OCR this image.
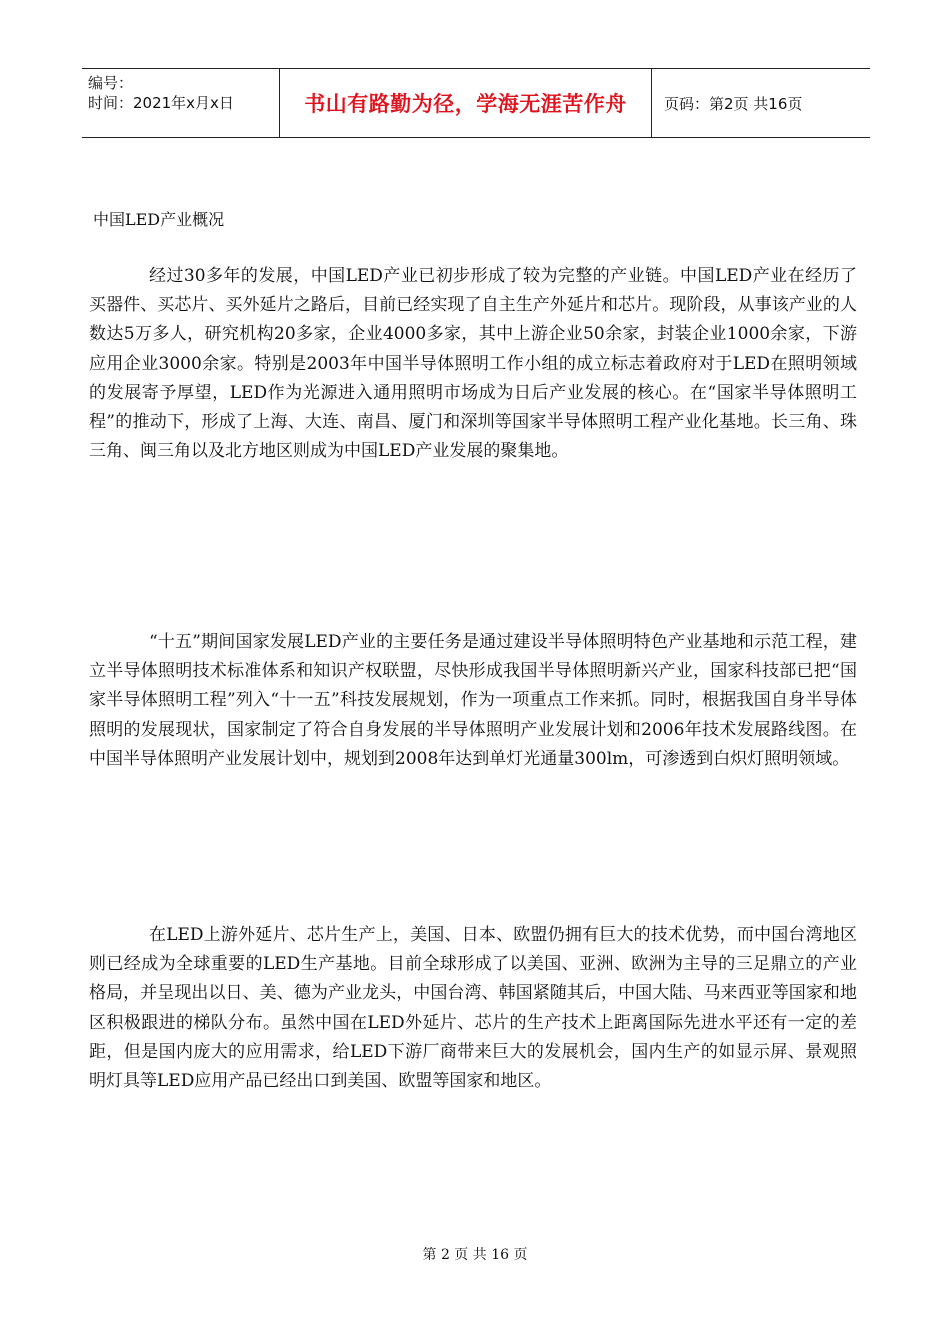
编号：
时间：2021年x月x日	书山有路勤为径，学海无涯苦作舟	页码：第2页 共16页
中国LED产业概况

经过30多年的发展，中国LED产业已初步形成了较为完整的产业链。中国LED产业在经历了买器件、买芯片、买外延片之路后，目前已经实现了自主生产外延片和芯片。现阶段，从事该产业的人数达5万多人，研究机构20多家，企业4000多家，其中上游企业50余家，封装企业1000余家，下游应用企业3000余家。特别是2003年中国半导体照明工作小组的成立标志着政府对于LED在照明领域的发展寄予厚望，LED作为光源进入通用照明市场成为日后产业发展的核心。在“国家半导体照明工程”的推动下，形成了上海、大连、南昌、厦门和深圳等国家半导体照明工程产业化基地。长三角、珠三角、闽三角以及北方地区则成为中国LED产业发展的聚集地。

“十五”期间国家发展LED产业的主要任务是通过建设半导体照明特色产业基地和示范工程，建立半导体照明技术标准体系和知识产权联盟，尽快形成我国半导体照明新兴产业，国家科技部已把“国家半导体照明工程”列入“十一五”科技发展规划，作为一项重点工作来抓。同时，根据我国自身半导体照明的发展现状，国家制定了符合自身发展的半导体照明产业发展计划和2006年技术发展路线图。在中国半导体照明产业发展计划中，规划到2008年达到单灯光通量300lm，可渗透到白炽灯照明领域。

在LED上游外延片、芯片生产上，美国、日本、欧盟仍拥有巨大的技术优势，而中国台湾地区则已经成为全球重要的LED生产基地。目前全球形成了以美国、亚洲、欧洲为主导的三足鼎立的产业格局，并呈现出以日、美、德为产业龙头，中国台湾、韩国紧随其后，中国大陆、马来西亚等国家和地区积极跟进的梯队分布。虽然中国在LED外延片、芯片的生产技术上距离国际先进水平还有一定的差距，但是国内庞大的应用需求，给LED下游厂商带来巨大的发展机会，国内生产的如显示屏、景观照明灯具等LED应用产品已经出口到美国、欧盟等国家和地区。

第 2 页 共 16 页
